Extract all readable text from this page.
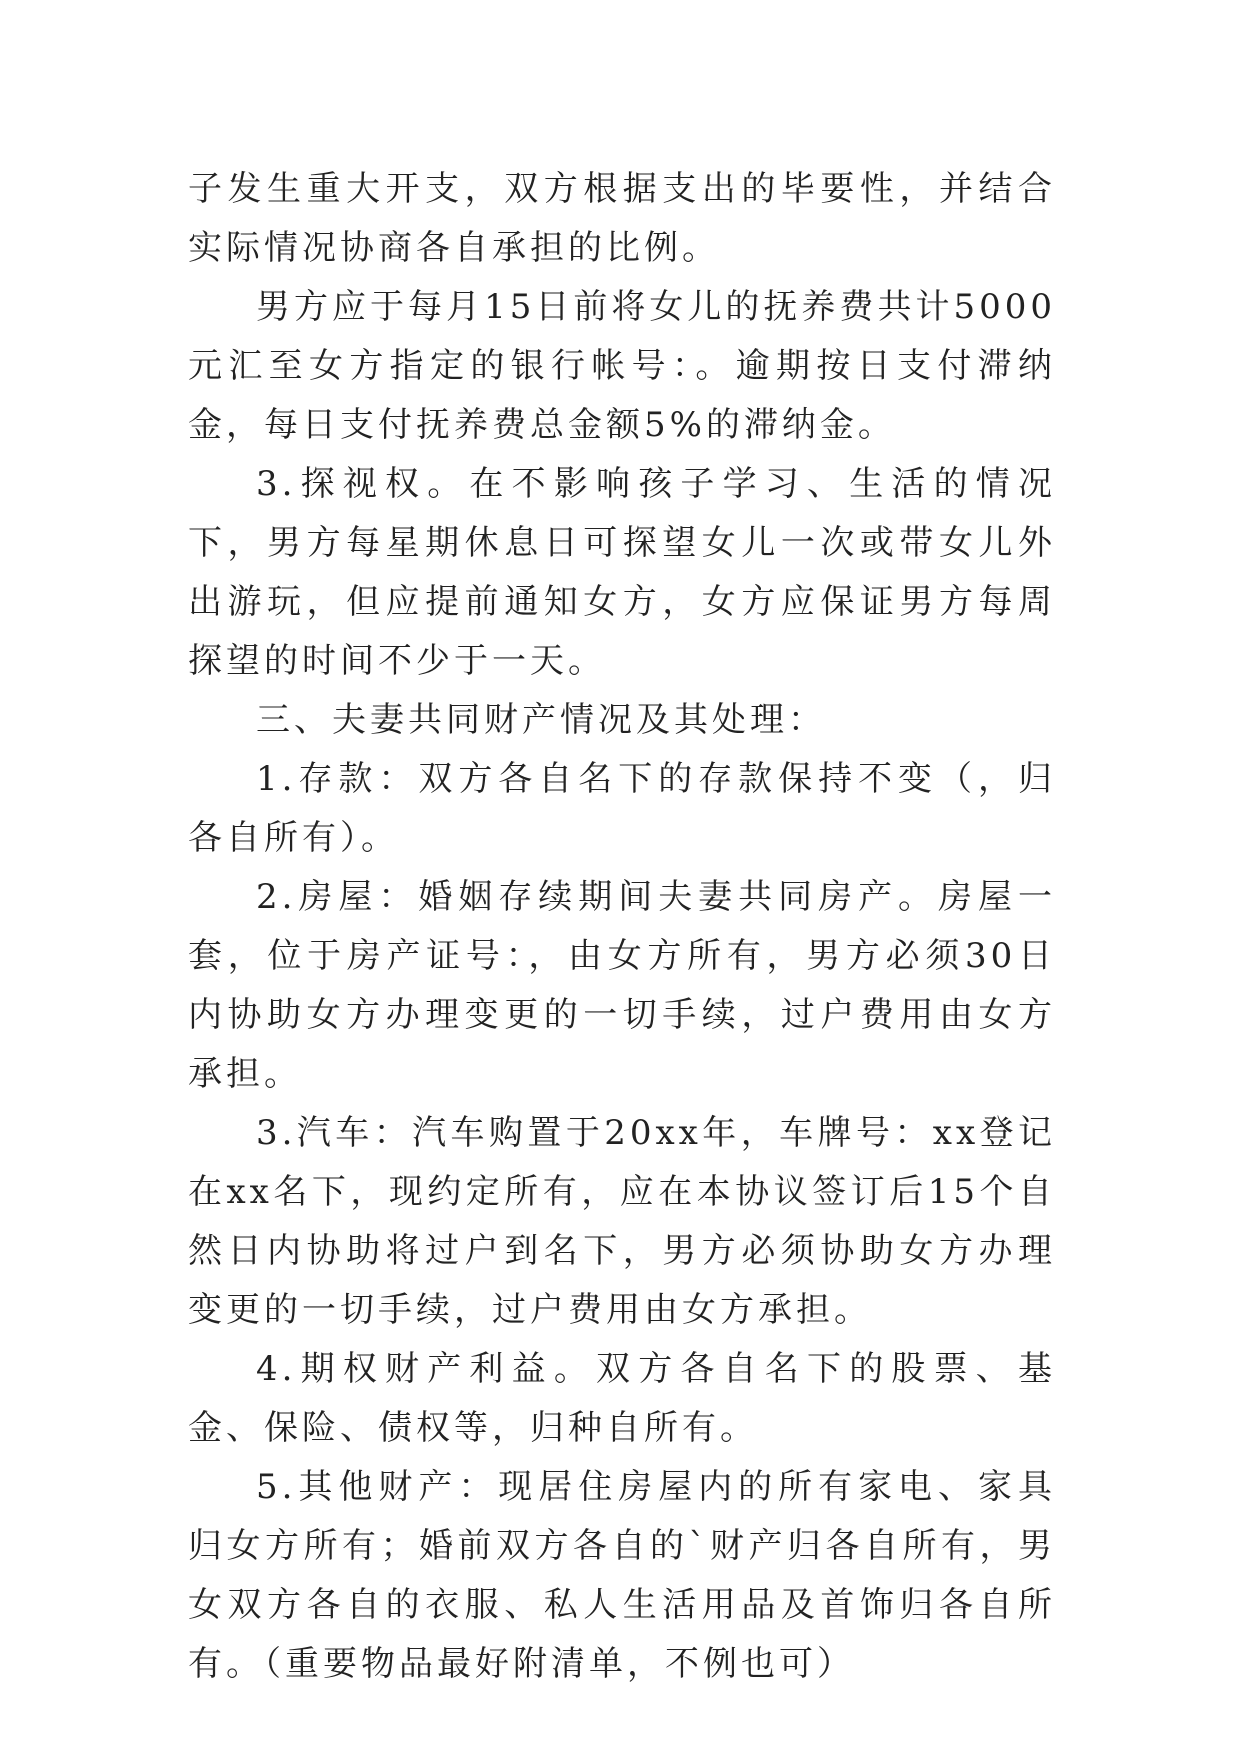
子发生重大开支，双方根据支出的毕要性，并结合实际情况协商各自承担的比例。

男方应于每月15日前将女儿的抚养费共计5000元汇至女方指定的银行帐号：。逾期按日支付滞纳金，每日支付抚养费总金额5%的滞纳金。

3.探视权。在不影响孩子学习、生活的情况下，男方每星期休息日可探望女儿一次或带女儿外出游玩，但应提前通知女方，女方应保证男方每周探望的时间不少于一天。

三、夫妻共同财产情况及其处理：

1.存款：双方各自名下的存款保持不变（，归各自所有）。

2.房屋：婚姻存续期间夫妻共同房产。房屋一套，位于房产证号：，由女方所有，男方必须30日内协助女方办理变更的一切手续，过户费用由女方承担。

3.汽车：汽车购置于20xx年，车牌号：xx登记在xx名下，现约定所有，应在本协议签订后15个自然日内协助将过户到名下，男方必须协助女方办理变更的一切手续，过户费用由女方承担。

4.期权财产利益。双方各自名下的股票、基金、保险、债权等，归种自所有。

5.其他财产：现居住房屋内的所有家电、家具归女方所有；婚前双方各自的`财产归各自所有，男女双方各自的衣服、私人生活用品及首饰归各自所有。（重要物品最好附清单，不例也可）
